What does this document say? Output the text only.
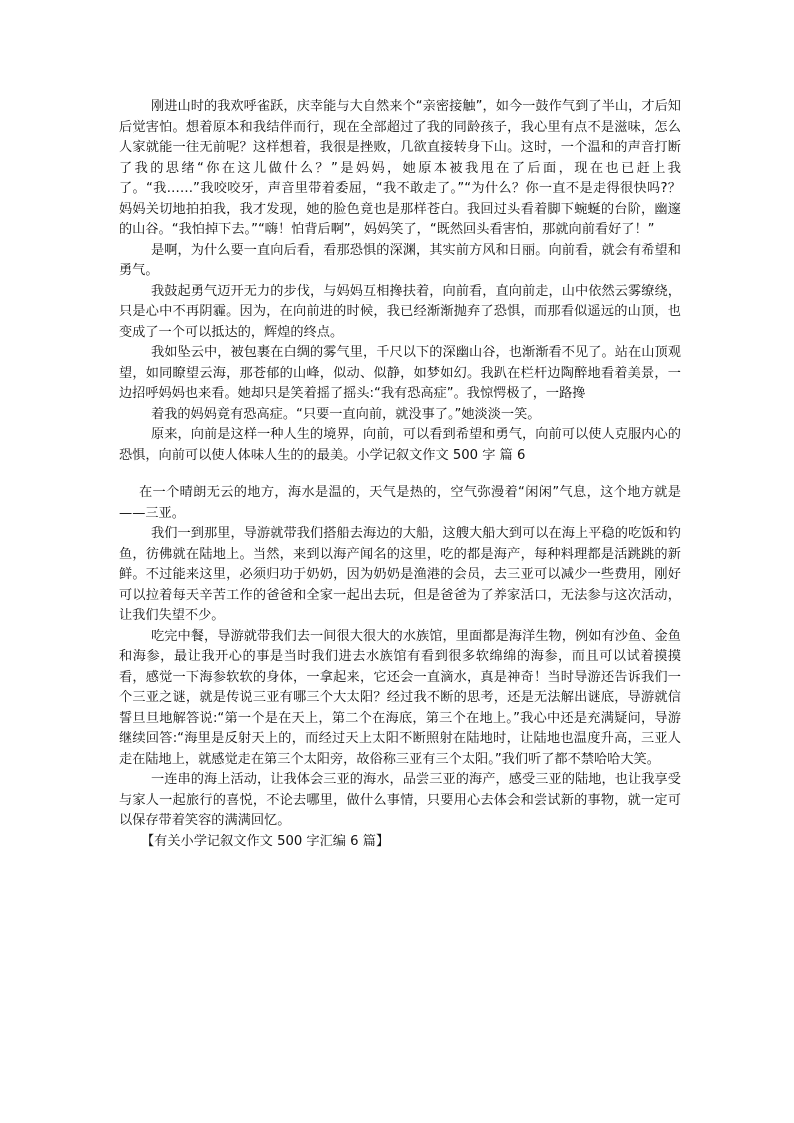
刚进山时的我欢呼雀跃，庆幸能与大自然来个“亲密接触”，如今一鼓作气到了半山，才后知后觉害怕。想着原本和我结伴而行，现在全部超过了我的同龄孩子，我心里有点不是滋味，怎么人家就能一往无前呢？这样想着，我很是挫败，几欲直接转身下山。这时，一个温和的声音打断了我的思绪“你在这儿做什么？”是妈妈，她原本被我甩在了后面，现在也已赶上我了。“我……”我咬咬牙，声音里带着委屈，“我不敢走了。”“为什么？你一直不是走得很快吗?？妈妈关切地拍拍我，我才发现，她的脸色竟也是那样苍白。我回过头看着脚下蜿蜒的台阶，幽邃的山谷。“我怕掉下去。”“嗨！怕背后啊”，妈妈笑了，“既然回头看害怕，那就向前看好了！”

是啊，为什么要一直向后看，看那恐惧的深渊，其实前方风和日丽。向前看，就会有希望和勇气。

我鼓起勇气迈开无力的步伐，与妈妈互相搀扶着，向前看，直向前走，山中依然云雾缭绕，只是心中不再阴霾。因为，在向前进的时候，我已经渐渐抛弃了恐惧，而那看似遥远的山顶，也变成了一个可以抵达的，辉煌的终点。

我如坠云中，被包裹在白绸的雾气里，千尺以下的深幽山谷，也渐渐看不见了。站在山顶观望，如同瞭望云海，那苍郁的山峰，似动、似静，如梦如幻。我趴在栏杆边陶醉地看着美景，一边招呼妈妈也来看。她却只是笑着摇了摇头:“我有恐高症”。我惊愕极了，一路搀

着我的妈妈竟有恐高症。“只要一直向前，就没事了。”她淡淡一笑。

原来，向前是这样一种人生的境界，向前，可以看到希望和勇气，向前可以使人克服内心的恐惧，向前可以使人体味人生的的最美。小学记叙文作文 500 字 篇 6

在一个晴朗无云的地方，海水是温的，天气是热的，空气弥漫着“闲闲”气息，这个地方就是——三亚。

我们一到那里，导游就带我们搭船去海边的大船，这艘大船大到可以在海上平稳的吃饭和钓鱼，彷佛就在陆地上。当然，来到以海产闻名的这里，吃的都是海产，每种料理都是活跳跳的新鲜。不过能来这里，必须归功于奶奶，因为奶奶是渔港的会员，去三亚可以减少一些费用，刚好可以拉着每天辛苦工作的爸爸和全家一起出去玩，但是爸爸为了养家活口，无法参与这次活动，让我们失望不少。

吃完中餐，导游就带我们去一间很大很大的水族馆，里面都是海洋生物，例如有沙鱼、金鱼和海参，最让我开心的事是当时我们进去水族馆有看到很多软绵绵的海参，而且可以试着摸摸看，感觉一下海参软软的身体，一拿起来，它还会一直滴水，真是神奇！当时导游还告诉我们一个三亚之谜，就是传说三亚有哪三个大太阳？经过我不断的思考，还是无法解出谜底，导游就信誓旦旦地解答说:“第一个是在天上，第二个在海底，第三个在地上。”我心中还是充满疑问，导游继续回答:“海里是反射天上的，而经过天上太阳不断照射在陆地时，让陆地也温度升高，三亚人走在陆地上，就感觉走在第三个太阳旁，故俗称三亚有三个太阳。”我们听了都不禁哈哈大笑。

一连串的海上活动，让我体会三亚的海水，品尝三亚的海产，感受三亚的陆地，也让我享受与家人一起旅行的喜悦，不论去哪里，做什么事情，只要用心去体会和尝试新的事物，就一定可以保存带着笑容的满满回忆。

【有关小学记叙文作文 500 字汇编 6 篇】
